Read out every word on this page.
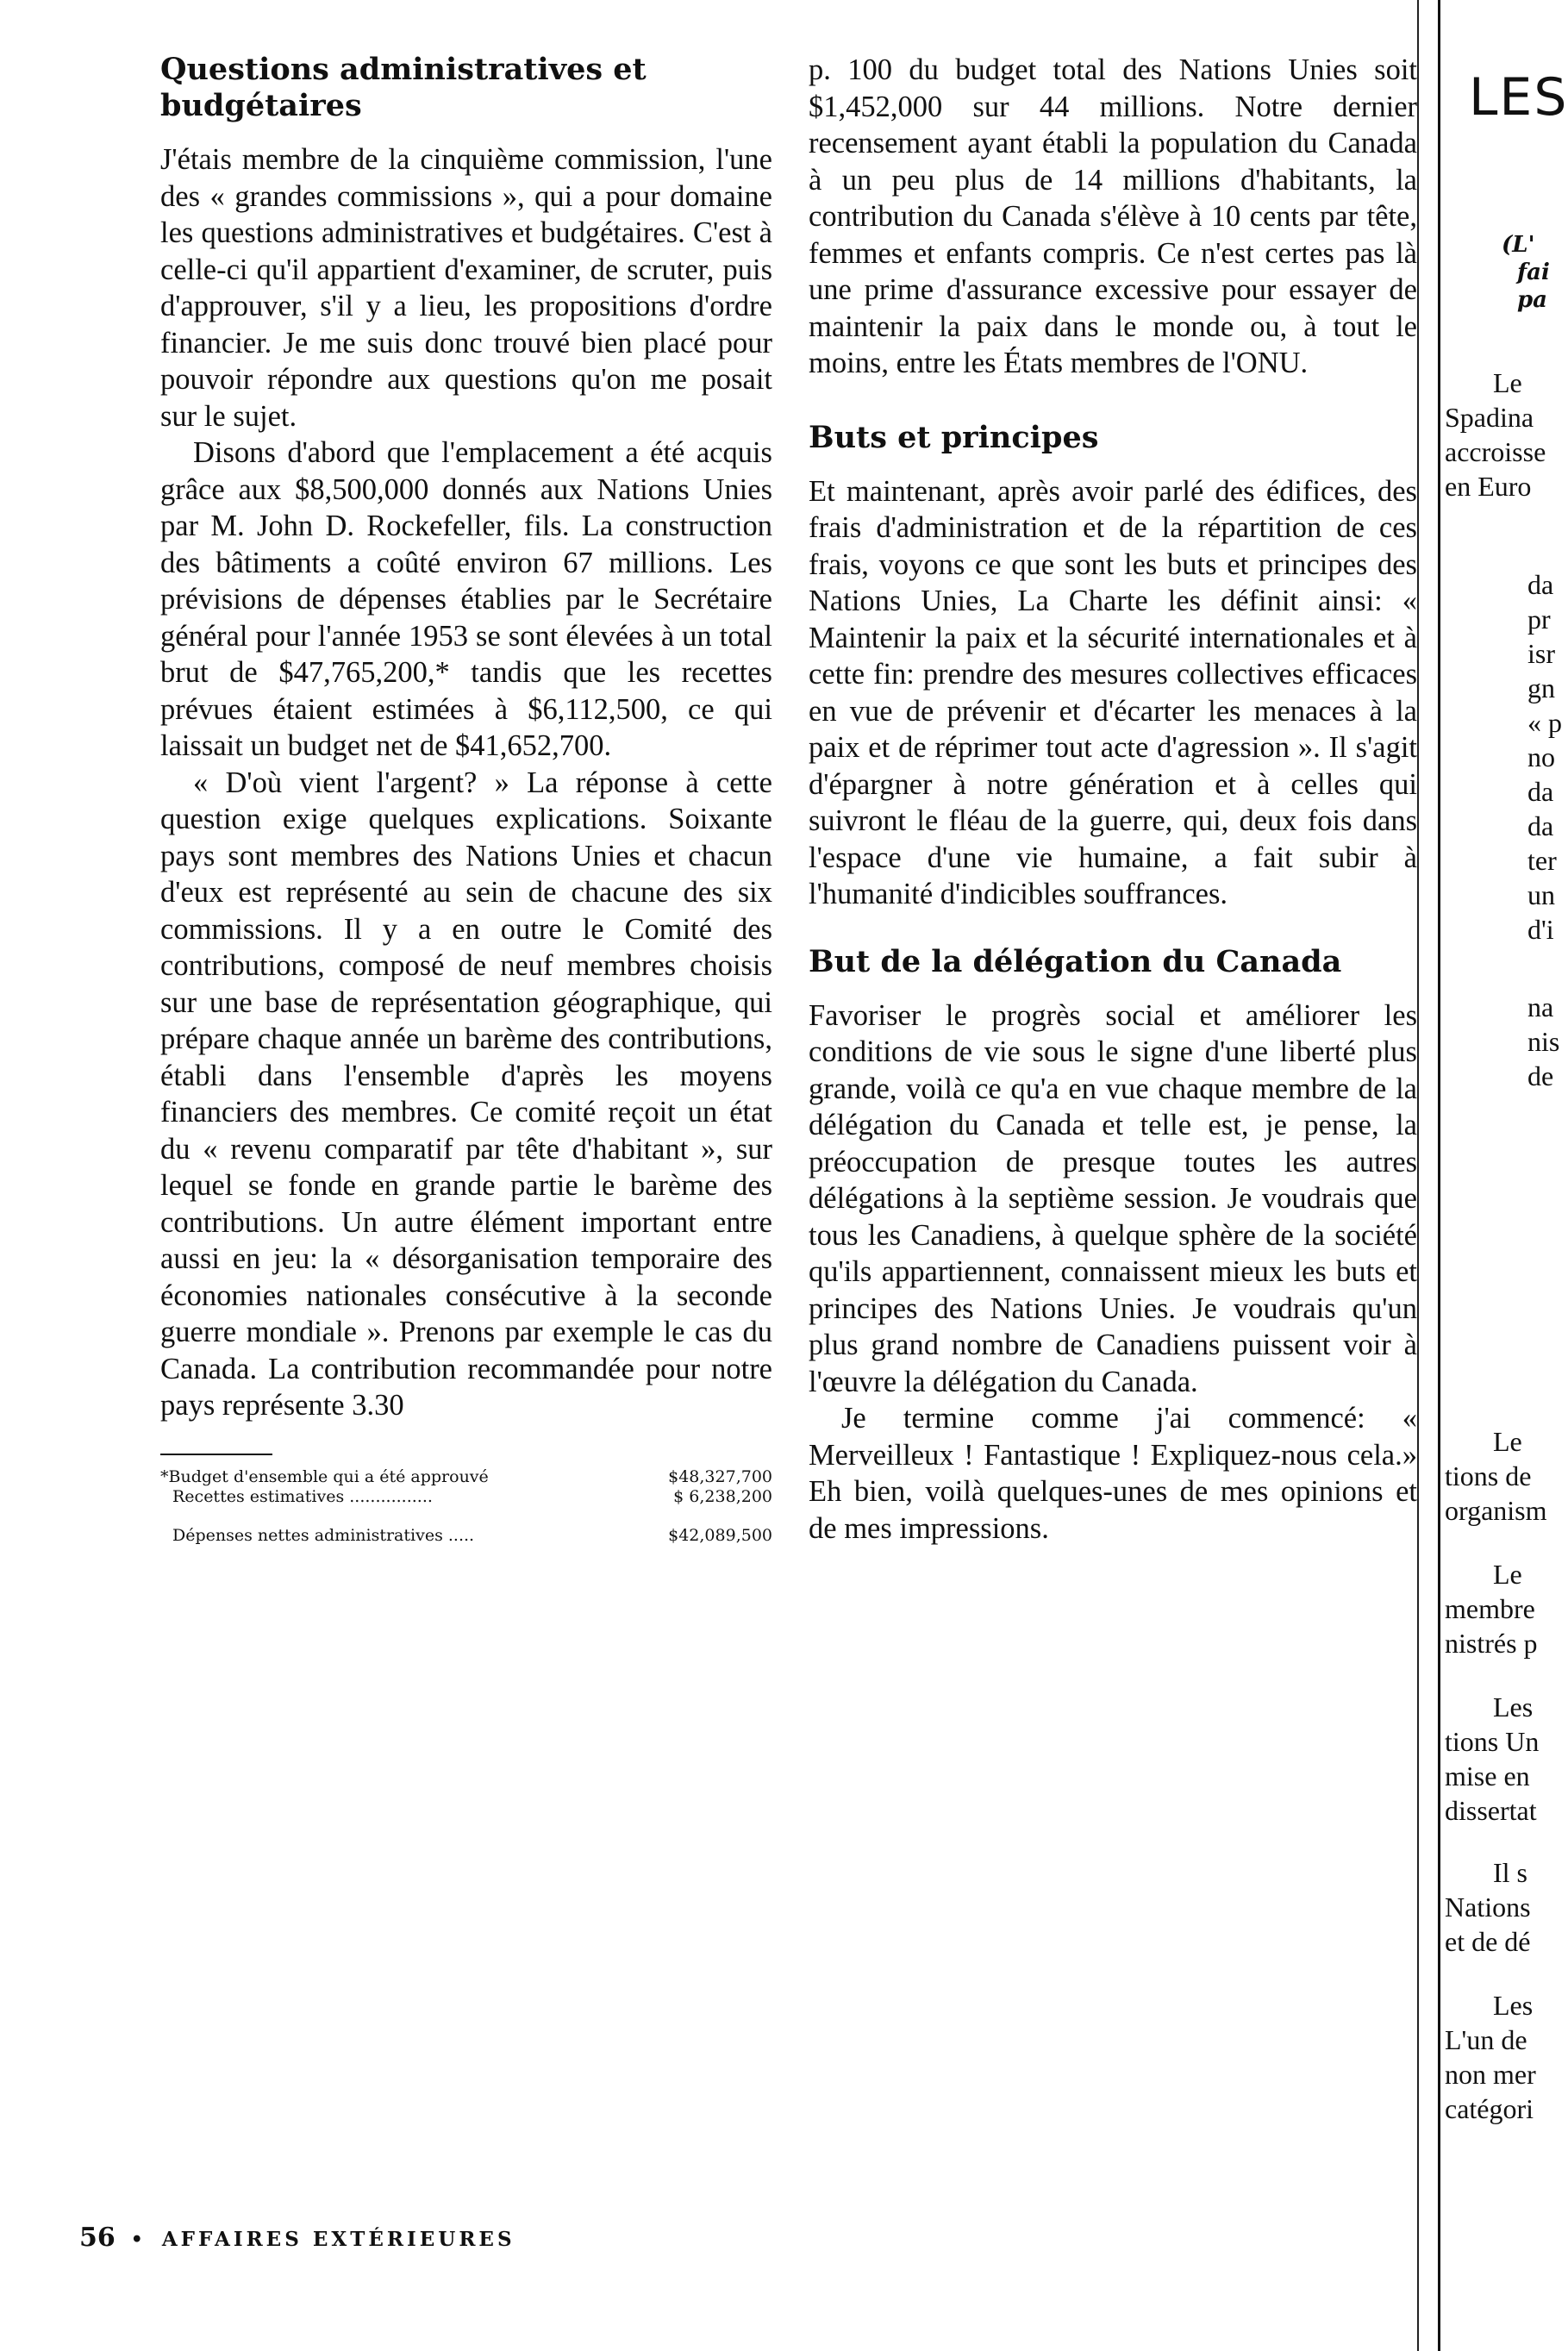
Questions administratives et budgétaires

J'étais membre de la cinquième commission, l'une des « grandes commissions », qui a pour domaine les questions administratives et budgétaires. C'est à celle-ci qu'il appartient d'examiner, de scruter, puis d'approuver, s'il y a lieu, les propositions d'ordre financier. Je me suis donc trouvé bien placé pour pouvoir répondre aux questions qu'on me posait sur le sujet.

Disons d'abord que l'emplacement a été acquis grâce aux $8,500,000 donnés aux Nations Unies par M. John D. Rockefeller, fils. La construction des bâtiments a coûté environ 67 millions. Les prévisions de dépenses établies par le Secrétaire général pour l'année 1953 se sont élevées à un total brut de $47,765,200,* tandis que les recettes prévues étaient estimées à $6,112,500, ce qui laissait un budget net de $41,652,700.

« D'où vient l'argent? » La réponse à cette question exige quelques explications. Soixante pays sont membres des Nations Unies et chacun d'eux est représenté au sein de chacune des six commissions. Il y a en outre le Comité des contributions, composé de neuf membres choisis sur une base de représentation géographique, qui prépare chaque année un barème des contributions, établi dans l'ensemble d'après les moyens financiers des membres. Ce comité reçoit un état du « revenu comparatif par tête d'habitant », sur lequel se fonde en grande partie le barème des contributions. Un autre élément important entre aussi en jeu: la « désorganisation temporaire des économies nationales consécutive à la seconde guerre mondiale ». Prenons par exemple le cas du Canada. La contribution recommandée pour notre pays représente 3.30

*Budget d'ensemble qui a été approuvé	$48,327,700
Recettes estimatives ................	$ 6,238,200
Dépenses nettes administratives .....	$42,089,500

p. 100 du budget total des Nations Unies soit $1,452,000 sur 44 millions. Notre dernier recensement ayant établi la population du Canada à un peu plus de 14 millions d'habitants, la contribution du Canada s'élève à 10 cents par tête, femmes et enfants compris. Ce n'est certes pas là une prime d'assurance excessive pour essayer de maintenir la paix dans le monde ou, à tout le moins, entre les États membres de l'ONU.

Buts et principes

Et maintenant, après avoir parlé des édifices, des frais d'administration et de la répartition de ces frais, voyons ce que sont les buts et principes des Nations Unies, La Charte les définit ainsi: « Maintenir la paix et la sécurité internationales et à cette fin: prendre des mesures collectives efficaces en vue de prévenir et d'écarter les menaces à la paix et de réprimer tout acte d'agression ». Il s'agit d'épargner à notre génération et à celles qui suivront le fléau de la guerre, qui, deux fois dans l'espace d'une vie humaine, a fait subir à l'humanité d'indicibles souffrances.

But de la délégation du Canada

Favoriser le progrès social et améliorer les conditions de vie sous le signe d'une liberté plus grande, voilà ce qu'a en vue chaque membre de la délégation du Canada et telle est, je pense, la préoccupation de presque toutes les autres délégations à la septième session. Je voudrais que tous les Canadiens, à quelque sphère de la société qu'ils appartiennent, connaissent mieux les buts et principes des Nations Unies. Je voudrais qu'un plus grand nombre de Canadiens puissent voir à l'œuvre la délégation du Canada.

Je termine comme j'ai commencé: « Merveilleux ! Fantastique ! Expliquez-nous cela.» Eh bien, voilà quelques-unes de mes opinions et de mes impressions.

LES
(L'
fai
pa
Le
Spadina
accroisse
en Euro
da
pr
isr
gn
« p
no
da
da
ter
un
d'i
na
nis
de
Le
tions de
organism
Le
membre
nistrés p
Les
tions Un
mise en
dissertat
Il s
Nations
et de dé
Les
L'un de
non mer
catégori
56 • AFFAIRES EXTÉRIEURES
